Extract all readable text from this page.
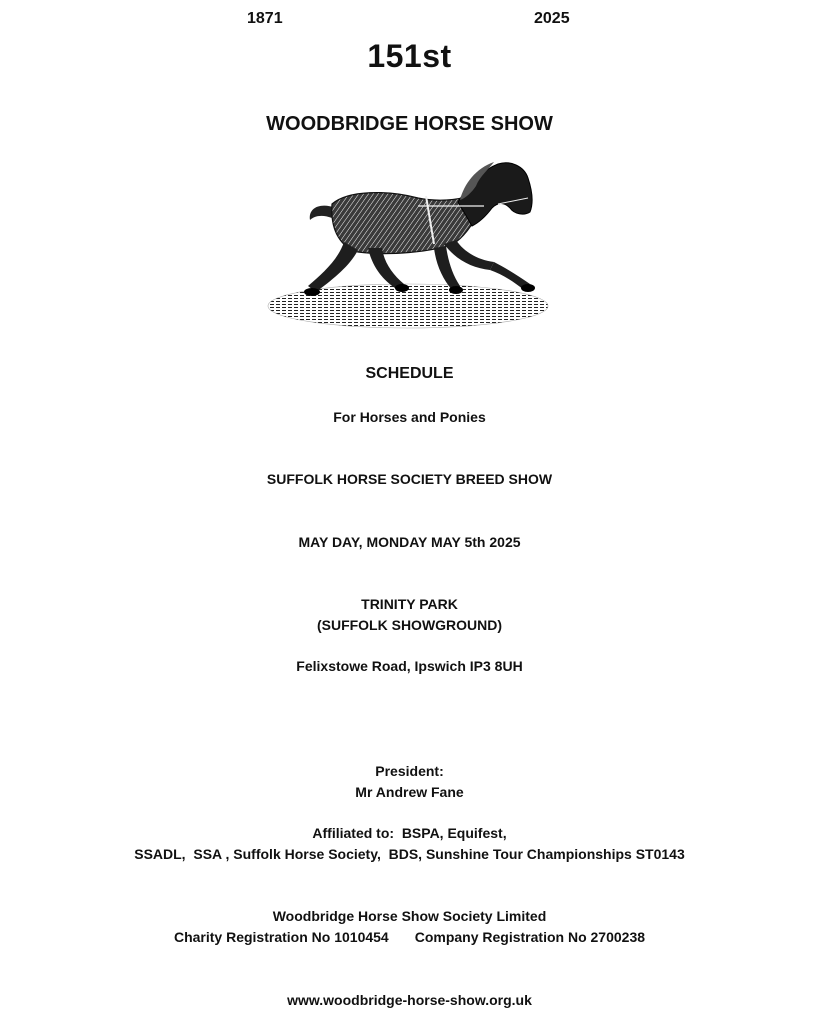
1871	2025
151st
WOODBRIDGE HORSE SHOW
SCHEDULE
For Horses and Ponies
SUFFOLK HORSE SOCIETY BREED SHOW
MAY DAY, MONDAY MAY 5th 2025
TRINITY PARK
(SUFFOLK SHOWGROUND)
Felixstowe Road, Ipswich IP3 8UH
President:
Mr Andrew Fane
Affiliated to:  BSPA, Equifest,
SSADL,  SSA , Suffolk Horse Society,  BDS, Sunshine Tour Championships ST0143
Woodbridge Horse Show Society Limited
Charity Registration No 1010454 Company Registration No 2700238
www.woodbridge-horse-show.org.uk
